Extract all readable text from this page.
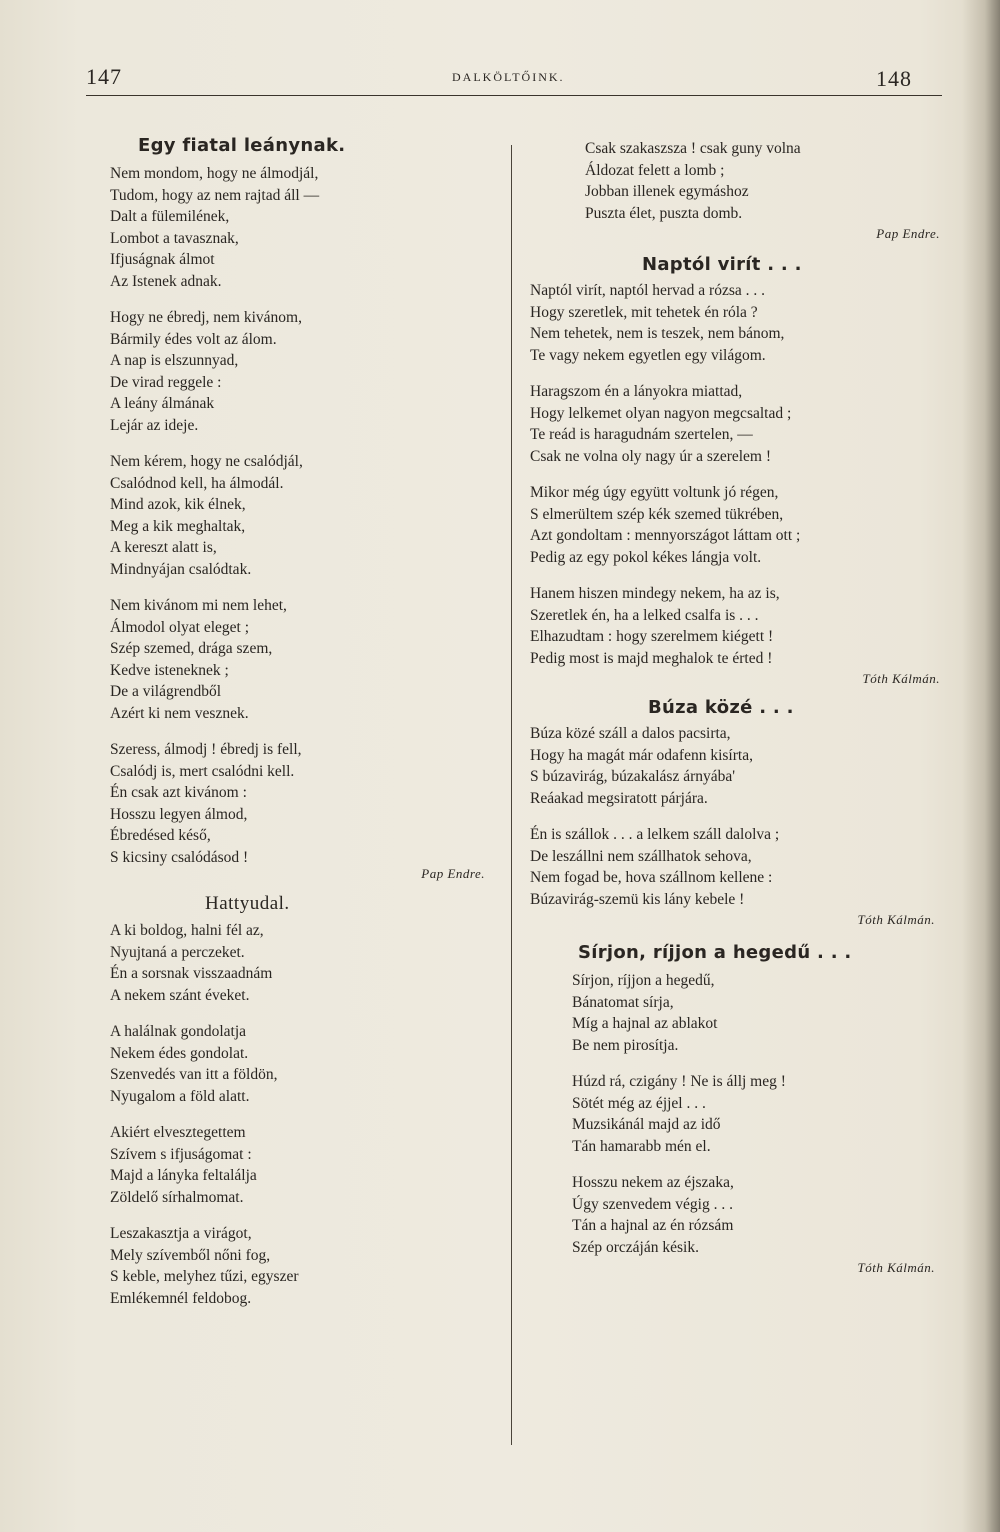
147	DALKÖLTŐINK.	148
Egy fiatal leánynak.
Nem mondom, hogy ne álmodjál,
Tudom, hogy az nem rajtad áll —
Dalt a fülemilének,
Lombot a tavasznak,
Ifjuságnak álmot
Az Istenek adnak.
Hogy ne ébredj, nem kivánom,
Bármily édes volt az álom.
A nap is elszunnyad,
De virad reggele :
A leány álmának
Lejár az ideje.
Nem kérem, hogy ne csalódjál,
Csalódnod kell, ha álmodál.
Mind azok, kik élnek,
Meg a kik meghaltak,
A kereszt alatt is,
Mindnyájan csalódtak.
Nem kivánom mi nem lehet,
Álmodol olyat eleget ;
Szép szemed, drága szem,
Kedve isteneknek ;
De a világrendből
Azért ki nem vesznek.
Szeress, álmodj ! ébredj is fell,
Csalódj is, mert csalódni kell.
Én csak azt kivánom :
Hosszu legyen álmod,
Ébredésed késő,
S kicsiny csalódásod !
Pap Endre.
Hattyudal.
A ki boldog, halni fél az,
Nyujtaná a perczeket.
Én a sorsnak visszaadnám
A nekem szánt éveket.
A halálnak gondolatja
Nekem édes gondolat.
Szenvedés van itt a földön,
Nyugalom a föld alatt.
Akiért elvesztegettem
Szívem s ifjuságomat :
Majd a lányka feltalálja
Zöldelő sírhalmomat.
Leszakasztja a virágot,
Mely szívemből nőni fog,
S keble, melyhez tűzi, egyszer
Emlékemnél feldobog.
Csak szakaszsza ! csak guny volna
Áldozat felett a lomb ;
Jobban illenek egymáshoz
Puszta élet, puszta domb.
Pap Endre.
Naptól virít . . .
Naptól virít, naptól hervad a rózsa . . .
Hogy szeretlek, mit tehetek én róla ?
Nem tehetek, nem is teszek, nem bánom,
Te vagy nekem egyetlen egy világom.
Haragszom én a lányokra miattad,
Hogy lelkemet olyan nagyon megcsaltad ;
Te reád is haragudnám szertelen, —
Csak ne volna oly nagy úr a szerelem !
Mikor még úgy együtt voltunk jó régen,
S elmerültem szép kék szemed tükrében,
Azt gondoltam : mennyországot láttam ott ;
Pedig az egy pokol kékes lángja volt.
Hanem hiszen mindegy nekem, ha az is,
Szeretlek én, ha a lelked csalfa is . . .
Elhazudtam : hogy szerelmem kiégett !
Pedig most is majd meghalok te érted !
Tóth Kálmán.
Búza közé . . .
Búza közé száll a dalos pacsirta,
Hogy ha magát már odafenn kisírta,
S búzavirág, búzakalász árnyába'
Reáakad megsiratott párjára.
Én is szállok . . . a lelkem száll dalolva ;
De leszállni nem szállhatok sehova,
Nem fogad be, hova szállnom kellene :
Búzavirág-szemü kis lány kebele !
Tóth Kálmán.
Sírjon, ríjjon a hegedű . . .
Sírjon, ríjjon a hegedű,
Bánatomat sírja,
Míg a hajnal az ablakot
Be nem pirosítja.
Húzd rá, czigány ! Ne is állj meg !
Sötét még az éjjel . . .
Muzsikánál majd az idő
Tán hamarabb mén el.
Hosszu nekem az éjszaka,
Úgy szenvedem végig . . .
Tán a hajnal az én rózsám
Szép orczáján késik.
Tóth Kálmán.
